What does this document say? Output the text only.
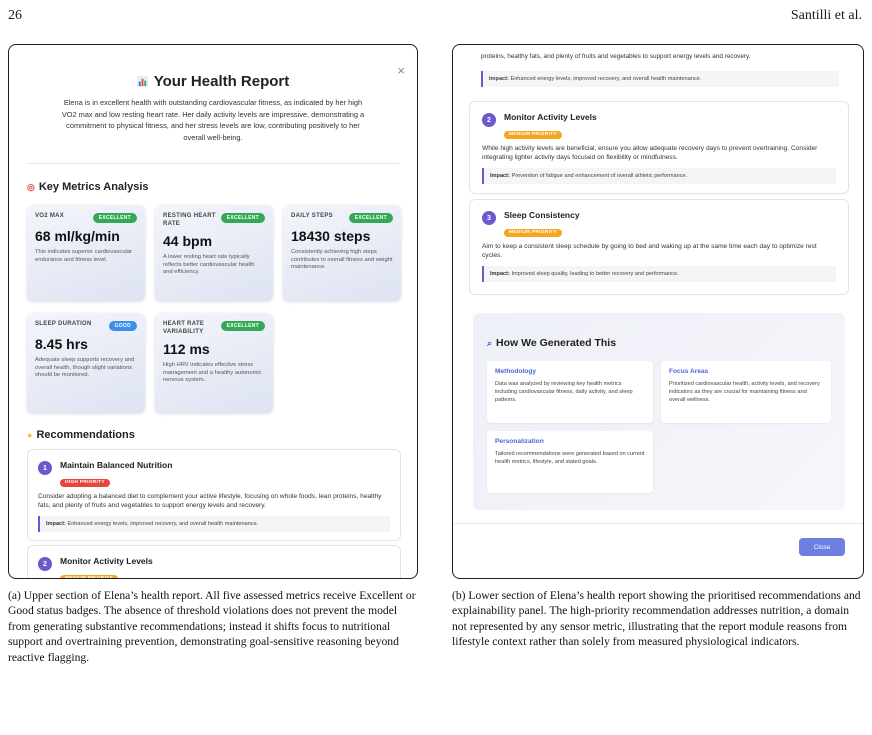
26	Santilli et al.
×
Your Health Report
Elena is in excellent health with outstanding cardiovascular fitness, as indicated by her high VO2 max and low resting heart rate. Her daily activity levels are impressive, demonstrating a commitment to physical fitness, and her stress levels are low, contributing positively to her overall well-being.
◎ Key Metrics Analysis
VO2 MAX	EXCELLENT
68 ml/kg/min
This indicates superior cardiovascular endurance and fitness level.
RESTING HEART RATE
EXCELLENT
44 bpm
A lower resting heart rate typically reflects better cardiovascular health and efficiency.
DAILY STEPS	EXCELLENT
18430 steps
Consistently achieving high steps contributes to overall fitness and weight maintenance.
SLEEP DURATION	GOOD
8.45 hrs
Adequate sleep supports recovery and overall health, though slight variations should be monitored.
HEART RATE VARIABILITY
EXCELLENT
112 ms
High HRV indicates effective stress management and a healthy autonomic nervous system.
● Recommendations
1	Maintain Balanced Nutrition
HIGH PRIORITY
Consider adopting a balanced diet to complement your active lifestyle, focusing on whole foods, lean proteins, healthy fats, and plenty of fruits and vegetables to support energy levels and recovery.
Impact: Enhanced energy levels, improved recovery, and overall health maintenance.
2	Monitor Activity Levels
MEDIUM PRIORITY
proteins, healthy fats, and plenty of fruits and vegetables to support energy levels and recovery.
Impact: Enhanced energy levels, improved recovery, and overall health maintenance.
2	Monitor Activity Levels
MEDIUM PRIORITY
While high activity levels are beneficial, ensure you allow adequate recovery days to prevent overtraining. Consider integrating lighter activity days focused on flexibility or mindfulness.
Impact: Prevention of fatigue and enhancement of overall athletic performance.
3	Sleep Consistency
MEDIUM PRIORITY
Aim to keep a consistent sleep schedule by going to bed and waking up at the same time each day to optimize rest cycles.
Impact: Improved sleep quality, leading to better recovery and performance.
⌕ How We Generated This
Methodology
Data was analyzed by reviewing key health metrics including cardiovascular fitness, daily activity, and sleep patterns.
Focus Areas
Prioritized cardiovascular health, activity levels, and recovery indicators as they are crucial for maintaining fitness and overall wellness.
Personalization
Tailored recommendations were generated based on current health metrics, lifestyle, and stated goals.
Close
(a) Upper section of Elena’s health report. All five assessed metrics receive Excellent or Good status badges. The absence of threshold violations does not prevent the model from generating substantive recommendations; instead it shifts focus to nutritional support and overtraining prevention, demonstrating goal-sensitive reasoning beyond reactive flagging.
(b) Lower section of Elena’s health report showing the prioritised recommendations and explainability panel. The high-priority recommendation addresses nutrition, a domain not represented by any sensor metric, illustrating that the report module reasons from lifestyle context rather than solely from measured physiological indicators.
